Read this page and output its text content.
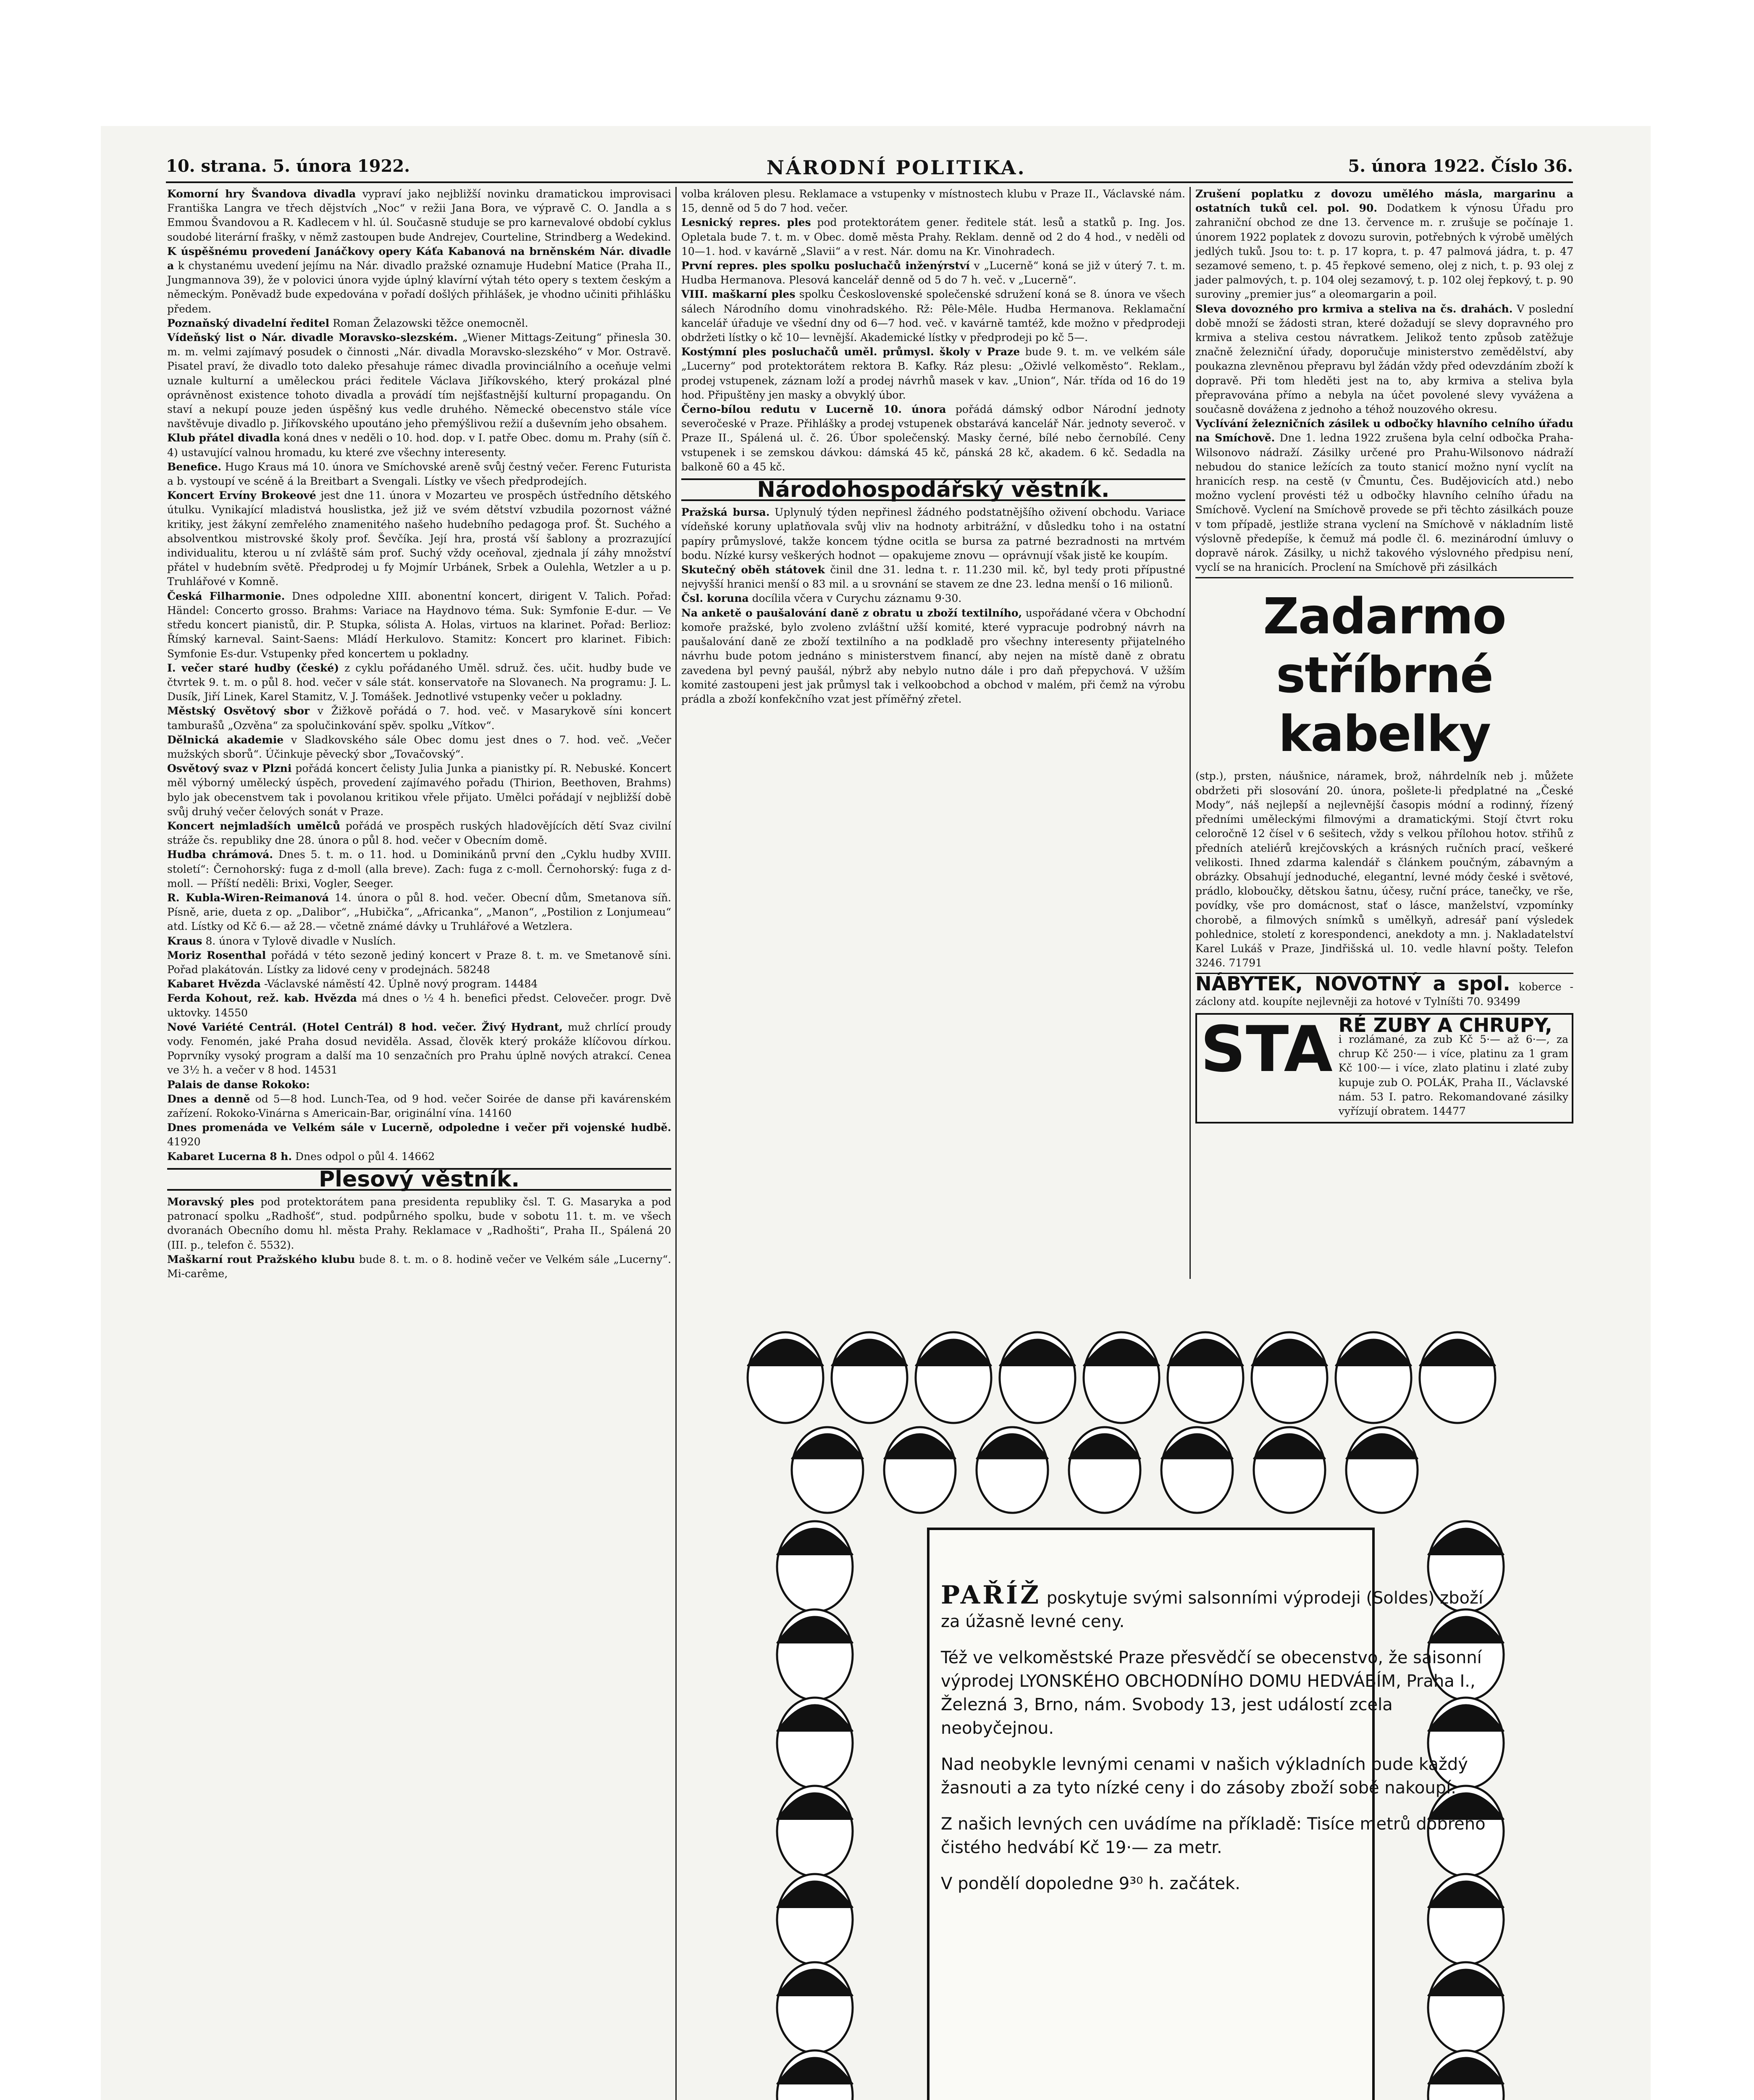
10. strana. 5. února 1922.	NÁRODNÍ POLITIKA.	5. února 1922. Číslo 36.

Komorní hry Švandova divadla vypraví jako nejbližší novinku dramatickou improvisaci Františka Langra ve třech dějstvích „Noc“ v režii Jana Bora, ve výpravě C. O. Jandla a s Emmou Švandovou a R. Kadlecem v hl. úl. Současně studuje se pro karnevalové období cyklus soudobé literární frašky, v němž zastoupen bude Andrejev, Courteline, Strindberg a Wedekind.

K úspěšnému provedení Janáčkovy opery Káťa Kabanová na brněnském Nár. divadle a k chystanému uvedení jejímu na Nár. divadlo pražské oznamuje Hudební Matice (Praha II., Jungmannova 39), že v polovici února vyjde úplný klavírní výtah této opery s textem českým a německým. Poněvadž bude expedována v pořadí došlých přihlášek, je vhodno učiniti přihlášku předem.

Poznaňský divadelní ředitel Roman Želazowski těžce onemocněl.

Vídeňský list o Nár. divadle Moravsko-slezském. „Wiener Mittags-Zeitung“ přinesla 30. m. m. velmi zajímavý posudek o činnosti „Nár. divadla Moravsko-slezského“ v Mor. Ostravě. Pisatel praví, že divadlo toto daleko přesahuje rámec divadla provinciálního a oceňuje velmi uznale kulturní a uměleckou práci ředitele Václava Jiříkovského, který prokázal plné oprávněnost existence tohoto divadla a provádí tím nejšťastnější kulturní propagandu. On staví a nekupí pouze jeden úspěšný kus vedle druhého. Německé obecenstvo stále více navštěvuje divadlo p. Jiříkovského upoutáno jeho přemýšlivou režií a duševním jeho obsahem.

Klub přátel divadla koná dnes v neděli o 10. hod. dop. v I. patře Obec. domu m. Prahy (síň č. 4) ustavující valnou hromadu, ku které zve všechny interesenty.

Benefice. Hugo Kraus má 10. února ve Smíchovské areně svůj čestný večer. Ferenc Futurista a b. vystoupí ve scéně á la Breitbart a Svengali. Lístky ve všech předprodejích.

Koncert Ervíny Brokeové jest dne 11. února v Mozarteu ve prospěch ústředního dětského útulku. Vynikající mladistvá houslistka, jež již ve svém dětství vzbudila pozornost vážné kritiky, jest žákyní zemřelého znamenitého našeho hudebního pedagoga prof. Št. Suchého a absolventkou mistrovské školy prof. Ševčíka. Její hra, prostá vší šablony a prozrazující individualitu, kterou u ní zvláště sám prof. Suchý vždy oceňoval, zjednala jí záhy množství přátel v hudebním světě. Předprodej u fy Mojmír Urbánek, Srbek a Oulehla, Wetzler a u p. Truhlářové v Komně.

Česká Filharmonie. Dnes odpoledne XIII. abonentní koncert, dirigent V. Talich. Pořad: Händel: Concerto grosso. Brahms: Variace na Haydnovo téma. Suk: Symfonie E-dur. — Ve středu koncert pianistů, dir. P. Stupka, sólista A. Holas, virtuos na klarinet. Pořad: Berlioz: Římský karneval. Saint-Saens: Mládí Herkulovo. Stamitz: Koncert pro klarinet. Fibich: Symfonie Es-dur. Vstupenky před koncertem u pokladny.

I. večer staré hudby (české) z cyklu pořádaného Uměl. sdruž. čes. učit. hudby bude ve čtvrtek 9. t. m. o půl 8. hod. večer v sále stát. konservatoře na Slovanech. Na programu: J. L. Dusík, Jiří Linek, Karel Stamitz, V. J. Tomášek. Jednotlivé vstupenky večer u pokladny.

Městský Osvětový sbor v Žižkově pořádá o 7. hod. več. v Masarykově síni koncert tamburašů „Ozvěna“ za spolučinkování spěv. spolku „Vítkov“.

Dělnická akademie v Sladkovského sále Obec domu jest dnes o 7. hod. več. „Večer mužských sborů“. Účinkuje pěvecký sbor „Tovačovský“.

Osvětový svaz v Plzni pořádá koncert čelisty Julia Junka a pianistky pí. R. Nebuské. Koncert měl výborný umělecký úspěch, provedení zajímavého pořadu (Thirion, Beethoven, Brahms) bylo jak obecenstvem tak i povolanou kritikou vřele přijato. Umělci pořádají v nejbližší době svůj druhý večer čelových sonát v Praze.

Koncert nejmladších umělců pořádá ve prospěch ruských hladovějících dětí Svaz civilní stráže čs. republiky dne 28. února o půl 8. hod. večer v Obecním domě.

Hudba chrámová. Dnes 5. t. m. o 11. hod. u Dominikánů první den „Cyklu hudby XVIII. století“: Černohorský: fuga z d-moll (alla breve). Zach: fuga z c-moll. Černohorský: fuga z d-moll. — Příští neděli: Brixi, Vogler, Seeger.

R. Kubla-Wiren-Reimanová 14. února o půl 8. hod. večer. Obecní dům, Smetanova síň. Písně, arie, dueta z op. „Dalibor“, „Hubička“, „Africanka“, „Manon“, „Postilion z Lonjumeau“ atd. Lístky od Kč 6.— až 28.— včetně známé dávky u Truhlářové a Wetzlera.

Kraus 8. února v Tylově divadle v Nuslích.

Moriz Rosenthal pořádá v této sezoně jediný koncert v Praze 8. t. m. ve Smetanově síni. Pořad plakátován. Lístky za lidové ceny v prodejnách. 58248

Kabaret Hvězda -Václavské náměstí 42. Úplně nový program. 14484

Ferda Kohout, rež. kab. Hvězda má dnes o ½ 4 h. benefici předst. Celovečer. progr. Dvě uktovky. 14550

Nové Variété Centrál. (Hotel Centrál) 8 hod. večer. Živý Hydrant, muž chrlící proudy vody. Fenomén, jaké Praha dosud neviděla. Assad, člověk který prokáže klíčovou dírkou. Poprvníky vysoký program a další ma 10 senzačních pro Prahu úplně nových atrakcí. Cenea ve 3½ h. a večer v 8 hod. 14531

Palais de danse Rokoko:

Dnes a denně od 5—8 hod. Lunch-Tea, od 9 hod. večer Soirée de danse při kavárenském zařízení. Rokoko-Vinárna s Americain-Bar, originální vína. 14160

Dnes promenáda ve Velkém sále v Lucerně, odpoledne i večer při vojenské hudbě. 41920

Kabaret Lucerna 8 h. Dnes odpol o půl 4. 14662

Plesový věstník.

Moravský ples pod protektorátem pana presidenta republiky čsl. T. G. Masaryka a pod patronací spolku „Radhošť“, stud. podpůrného spolku, bude v sobotu 11. t. m. ve všech dvoranách Obecního domu hl. města Prahy. Reklamace v „Radhošti“, Praha II., Spálená 20 (III. p., telefon č. 5532).

Maškarní rout Pražského klubu bude 8. t. m. o 8. hodině večer ve Velkém sále „Lucerny“. Mi-carême,

volba královen plesu. Reklamace a vstupenky v místnostech klubu v Praze II., Václavské nám. 15, denně od 5 do 7 hod. večer.

Lesnický repres. ples pod protektorátem gener. ředitele stát. lesů a statků p. Ing. Jos. Opletala bude 7. t. m. v Obec. domě města Prahy. Reklam. denně od 2 do 4 hod., v neděli od 10—1. hod. v kavárně „Slavii“ a v rest. Nár. domu na Kr. Vinohradech.

První repres. ples spolku posluchačů inženýrství v „Lucerně“ koná se již v úterý 7. t. m. Hudba Hermanova. Plesová kancelář denně od 5 do 7 h. več. v „Lucerně“.

VIII. maškarní ples spolku Československé společenské sdružení koná se 8. února ve všech sálech Národního domu vinohradského. Rž: Pêle-Mêle. Hudba Hermanova. Reklamační kancelář úřaduje ve všední dny od 6—7 hod. več. v kavárně tamtéž, kde možno v předprodeji obdržeti lístky o kč 10— levnější. Akademické lístky v předprodeji po kč 5—.

Kostýmní ples posluchačů uměl. průmysl. školy v Praze bude 9. t. m. ve velkém sále „Lucerny“ pod protektorátem rektora B. Kafky. Ráz plesu: „Oživlé velkoměsto“. Reklam., prodej vstupenek, záznam loží a prodej návrhů masek v kav. „Union“, Nár. třída od 16 do 19 hod. Připuštěny jen masky a obvyklý úbor.

Černo-bílou redutu v Lucerně 10. února pořádá dámský odbor Národní jednoty severočeské v Praze. Přihlášky a prodej vstupenek obstarává kancelář Nár. jednoty severoč. v Praze II., Spálená ul. č. 26. Úbor společenský. Masky černé, bílé nebo černobílé. Ceny vstupenek i se zemskou dávkou: dámská 45 kč, pánská 28 kč, akadem. 6 kč. Sedadla na balkoně 60 a 45 kč.

Národohospodářský věstník.

Pražská bursa. Uplynulý týden nepřinesl žádného podstatnějšího oživení obchodu. Variace vídeňské koruny uplatňovala svůj vliv na hodnoty arbitrážní, v důsledku toho i na ostatní papíry průmyslové, takže koncem týdne ocitla se bursa za patrné bezradnosti na mrtvém bodu. Nízké kursy veškerých hodnot — opakujeme znovu — oprávnují však jistě ke koupím.

Skutečný oběh státovek činil dne 31. ledna t. r. 11.230 mil. kč, byl tedy proti přípustné nejvyšší hranici menší o 83 mil. a u srovnání se stavem ze dne 23. ledna menší o 16 milionů.

Čsl. koruna docílila včera v Curychu záznamu 9·30.

Na anketě o paušalování daně z obratu u zboží textilního, uspořádané včera v Obchodní komoře pražské, bylo zvoleno zvláštní užší komité, které vypracuje podrobný návrh na paušalování daně ze zboží textilního a na podkladě pro všechny interesenty přijatelného návrhu bude potom jednáno s ministerstvem financí, aby nejen na místě daně z obratu zavedena byl pevný paušál, nýbrž aby nebylo nutno dále i pro daň přepychová. V užším komité zastoupeni jest jak průmysl tak i velkoobchod a obchod v malém, při čemž na výrobu prádla a zboží konfekčního vzat jest příměřný zřetel.

Zrušení poplatku z dovozu umělého másla, margarinu a ostatních tuků cel. pol. 90. Dodatkem k výnosu Úřadu pro zahraniční obchod ze dne 13. července m. r. zrušuje se počínaje 1. únorem 1922 poplatek z dovozu surovin, potřebných k výrobě umělých jedlých tuků. Jsou to: t. p. 17 kopra, t. p. 47 palmová jádra, t. p. 47 sezamové semeno, t. p. 45 řepkové semeno, olej z nich, t. p. 93 olej z jader palmových, t. p. 104 olej sezamový, t. p. 102 olej řepkový, t. p. 90 suroviny „premier jus“ a oleomargarin a poil.

Sleva dovozného pro krmiva a steliva na čs. drahách. V poslední době množí se žádosti stran, které dožadují se slevy dopravného pro krmiva a steliva cestou návratkem. Jelikož tento způsob zatěžuje značně železniční úřady, doporučuje ministerstvo zemědělství, aby poukazna zlevněnou přepravu byl žádán vždy před odevzdáním zboží k dopravě. Při tom hleděti jest na to, aby krmiva a steliva byla přepravována přímo a nebyla na účet povolené slevy vyvážena a současně dovážena z jednoho a téhož nouzového okresu.

Vyclívání železničních zásilek u odbočky hlavního celního úřadu na Smíchově. Dne 1. ledna 1922 zrušena byla celní odbočka Praha-Wilsonovo nádraží. Zásilky určené pro Prahu-Wilsonovo nádraží nebudou do stanice ležících za touto stanicí možno nyní vyclít na hranicích resp. na cestě (v Čmuntu, Čes. Budějovicích atd.) nebo možno vyclení provésti též u odbočky hlavního celního úřadu na Smíchově. Vyclení na Smíchově provede se při těchto zásilkách pouze v tom případě, jestliže strana vyclení na Smíchově v nákladním listě výslovně předepíše, k čemuž má podle čl. 6. mezinárodní úmluvy o dopravě nárok. Zásilky, u nichž takového výslovného předpisu není, vyclí se na hranicích. Proclení na Smíchově při zásilkách

Zadarmo stříbrné kabelky

(stp.), prsten, náušnice, náramek, brož, náhrdelník neb j. můžete obdržeti při slosování 20. února, pošlete-li předplatné na „České Mody“, náš nejlepší a nejlevnější časopis módní a rodinný, řízený předními uměleckými filmovými a dramatickými. Stojí čtvrt roku celoročně 12 čísel v 6 sešitech, vždy s velkou přílohou hotov. střihů z předních ateliérů krejčovských a krásných ručních prací, veškeré velikosti. Ihned zdarma kalendář s článkem poučným, zábavným a obrázky. Obsahují jednoduché, elegantní, levné módy české i světové, prádlo, kloboučky, dětskou šatnu, účesy, ruční práce, tanečky, ve rše, povídky, vše pro domácnost, stať o lásce, manželství, vzpomínky chorobě, a filmových snímků s umělkyň, adresář paní výsledek pohlednice, století z korespondenci, anekdoty a mn. j. Nakladatelství Karel Lukáš v Praze, Jindřišská ul. 10. vedle hlavní pošty. Telefon 3246. 71791

NÁBYTEK, NOVOTNÝ a spol. koberce - záclony atd. koupíte nejlevněji za hotové v Tylníšti 70. 93499
STA RÉ ZUBY A CHRUPY,

i rozlámané, za zub Kč 5·— až 6·—, za chrup Kč 250·— i více, platinu za 1 gram Kč 100·— i více, zlato platinu i zlaté zuby kupuje zub O. POLÁK, Praha II., Václavské nám. 53 I. patro. Rekomandované zásilky vyřízují obratem. 14477

PAŘÍŽ poskytuje svými salsonními výprodeji (Soldes) zboží za úžasně levné ceny.

Též ve velkoměstské Praze přesvědčí se obecenstvo, že saisonní výprodej LYONSKÉHO OBCHODNÍHO DOMU HEDVÁBÍM, Praha I., Železná 3, Brno, nám. Svobody 13, jest událostí zcela neobyčejnou.

Nad neobykle levnými cenami v našich výkladních bude každý žasnouti a za tyto nízké ceny i do zásoby zboží sobě nakoupí.

Z našich levných cen uvádíme na příkladě: Tisíce metrů dobrého čistého hedvábí Kč 19·— za metr.

V pondělí dopoledne 9³⁰ h. začátek.
